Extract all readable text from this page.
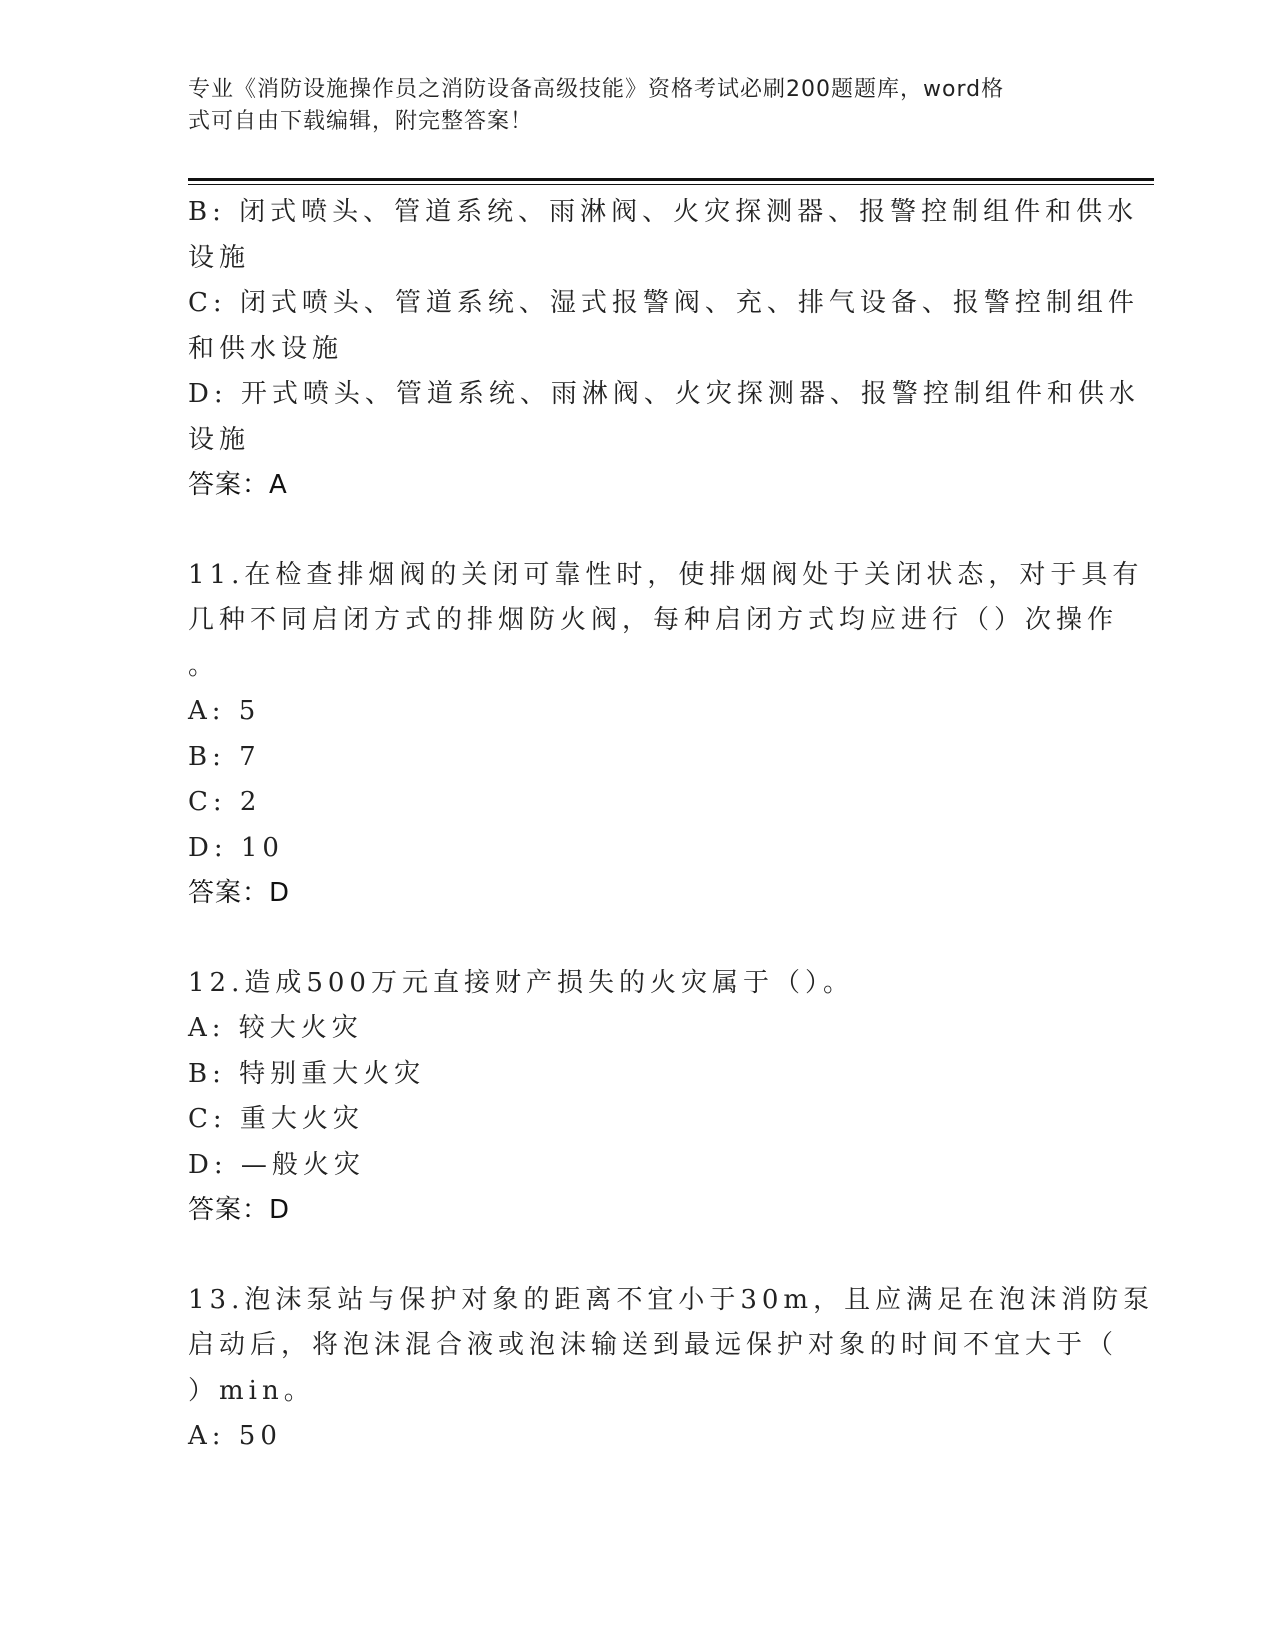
专业《消防设施操作员之消防设备高级技能》资格考试必刷200题题库，word格
式可自由下载编辑，附完整答案！
B: 闭式喷头、管道系统、雨淋阀、火灾探测器、报警控制组件和供水
设施
C: 闭式喷头、管道系统、湿式报警阀、充、排气设备、报警控制组件
和供水设施
D: 开式喷头、管道系统、雨淋阀、火灾探测器、报警控制组件和供水
设施
答案：A
11.在检查排烟阀的关闭可靠性时，使排烟阀处于关闭状态，对于具有
几种不同启闭方式的排烟防火阀，每种启闭方式均应进行（）次操作
。
A: 5
B: 7
C: 2
D: 10
答案：D
12.造成500万元直接财产损失的火灾属于（）。
A: 较大火灾
B: 特别重大火灾
C: 重大火灾
D: —般火灾
答案：D
13.泡沫泵站与保护对象的距离不宜小于30m，且应满足在泡沫消防泵
启动后，将泡沫混合液或泡沫输送到最远保护对象的时间不宜大于（
）min。
A: 50
